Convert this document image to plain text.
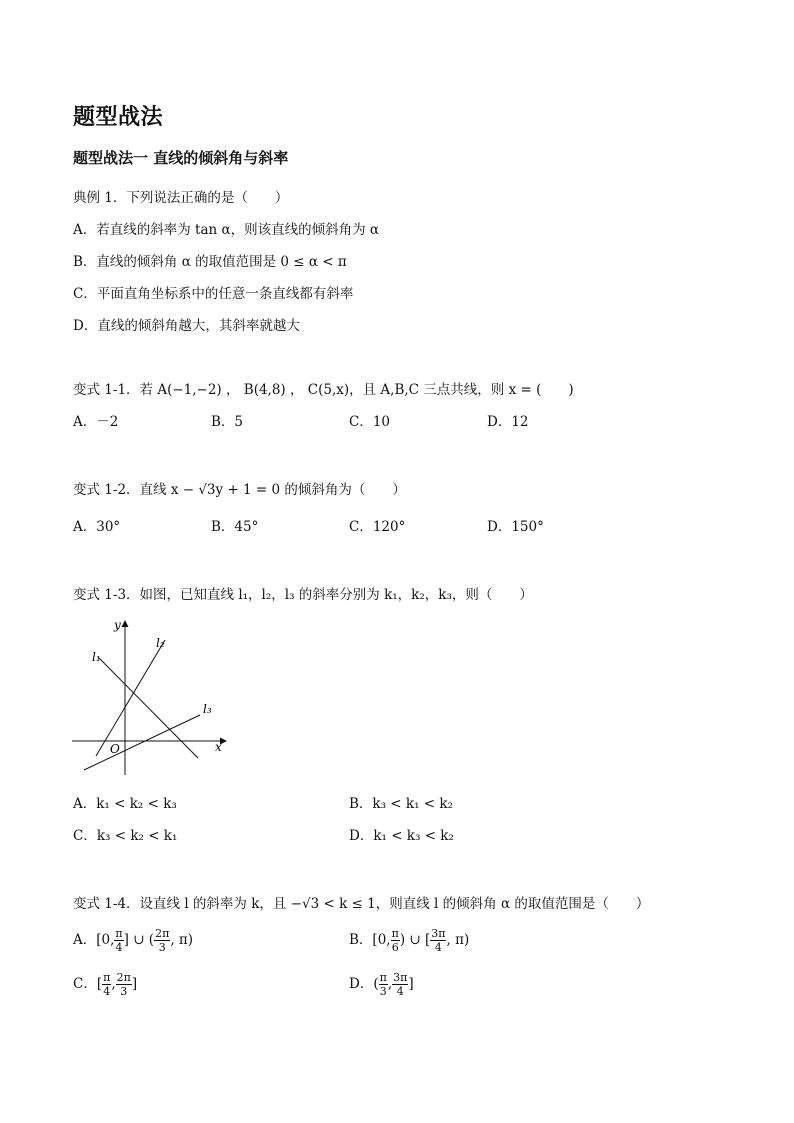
题型战法
题型战法一 直线的倾斜角与斜率
典例 1．下列说法正确的是（　　）
A．若直线的斜率为 tan α，则该直线的倾斜角为 α
B．直线的倾斜角 α 的取值范围是 0 ≤ α < π
C．平面直角坐标系中的任意一条直线都有斜率
D．直线的倾斜角越大，其斜率就越大
变式 1-1．若 A(−1,−2) ， B(4,8) ， C(5,x)，且 A,B,C 三点共线，则 x = (　　)
A．－2	B．5	C．10	D．12
变式 1-2．直线 x − √3y + 1 = 0 的倾斜角为（　　）
A．30°	B．45°	C．120°	D．150°
变式 1-3．如图，已知直线 l₁，l₂，l₃ 的斜率分别为 k₁，k₂，k₃，则（　　）
x
y
O
l₁
l₂
l₃
A．k₁ < k₂ < k₃	B．k₃ < k₁ < k₂
C．k₃ < k₂ < k₁	D．k₁ < k₃ < k₂
变式 1-4．设直线 l 的斜率为 k，且 −√3 < k ≤ 1，则直线 l 的倾斜角 α 的取值范围是（　　）
A．[0, $\frac{\pi}{4}$ ] ∪ ( $\frac{2\pi}{3}$ , π)	B．[0, $\frac{\pi}{6}$ ) ∪ [ $\frac{3\pi}{4}$ , π)
C．[ $\frac{\pi}{4}$ , $\frac{2\pi}{3}$ ]	D．( $\frac{\pi}{3}$ , $\frac{3\pi}{4}$ ]
